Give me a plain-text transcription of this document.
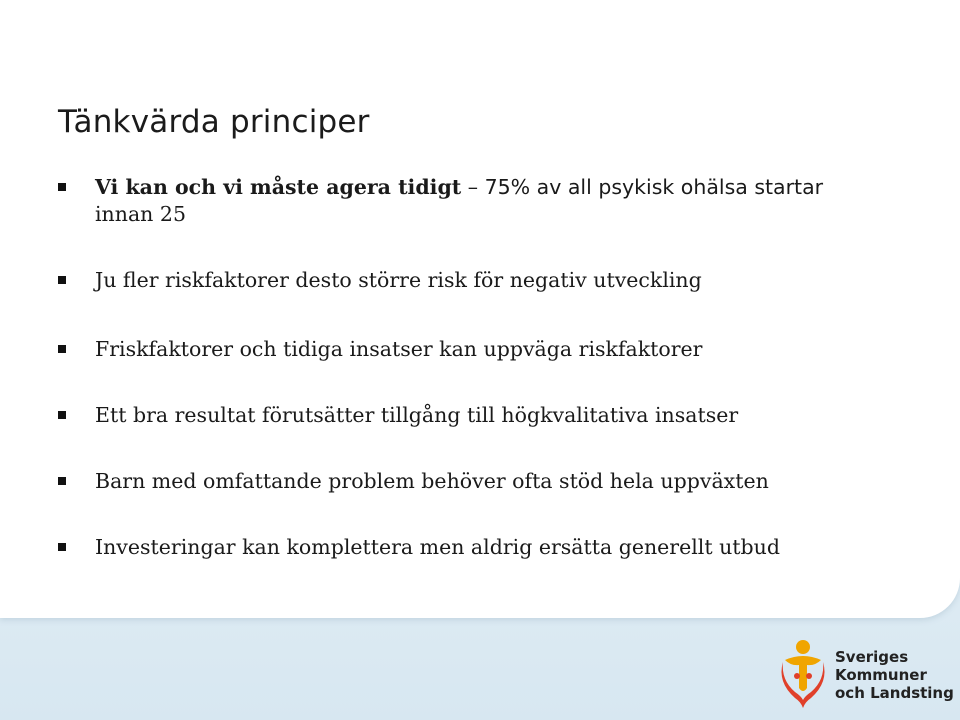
Tänkvärda principer
Vi kan och vi måste agera tidigt – 75% av all psykisk ohälsa startar
innan 25
Ju fler riskfaktorer desto större risk för negativ utveckling
Friskfaktorer och tidiga insatser kan uppväga riskfaktorer
Ett bra resultat förutsätter tillgång till högkvalitativa insatser
Barn med omfattande problem behöver ofta stöd hela uppväxten
Investeringar kan komplettera men aldrig ersätta generellt utbud
Sveriges
Kommuner
och Landsting
